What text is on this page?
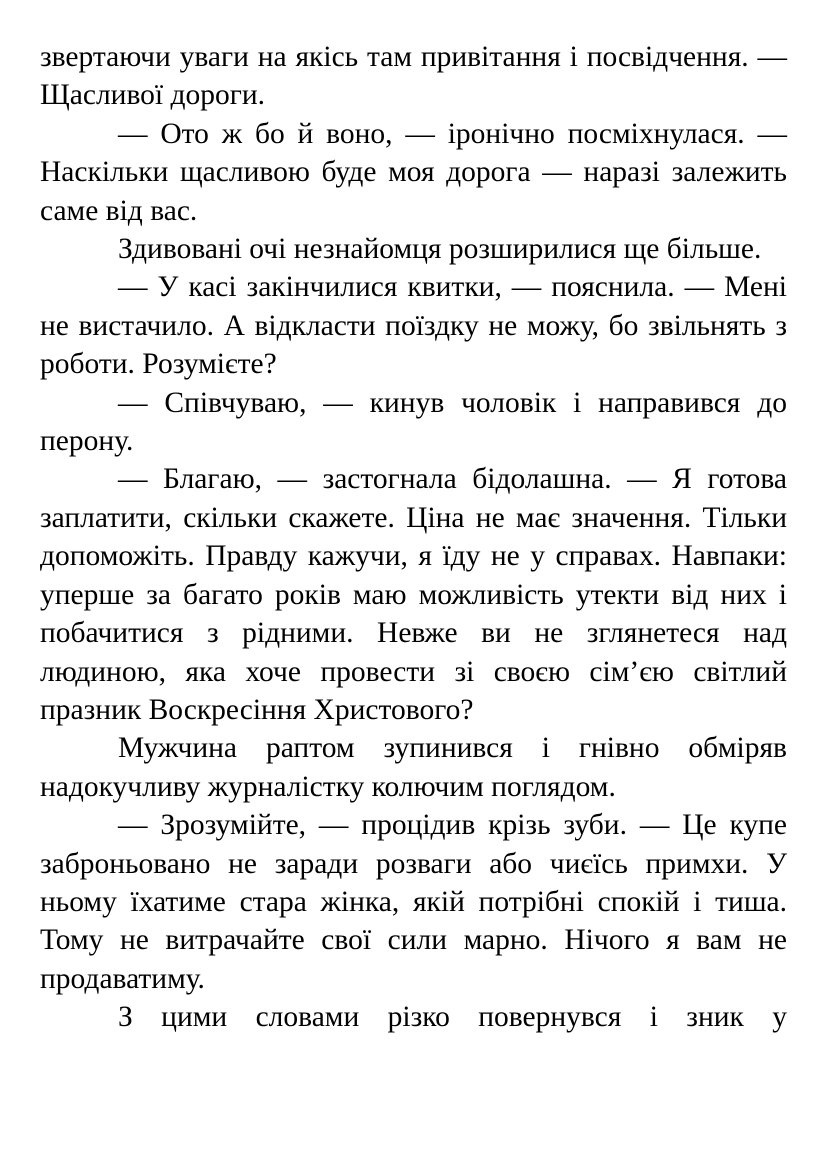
звертаючи уваги на якісь там привітання і посвідчення. — Щасливої дороги.

— Ото ж бо й воно, — іронічно посміхнулася. — Наскільки щасливою буде моя дорога — наразі залежить саме від вас.

Здивовані очі незнайомця розширилися ще більше.

— У касі закінчилися квитки, — пояснила. — Мені не вистачило. А відкласти поїздку не можу, бо звільнять з роботи. Розумієте?

— Співчуваю, — кинув чоловік і направився до перону.

— Благаю, — застогнала бідолашна. — Я готова заплатити, скільки скажете. Ціна не має значення. Тільки допоможіть. Правду кажучи, я їду не у справах. Навпаки: уперше за багато років маю можливість утекти від них і побачитися з рідними. Невже ви не зглянетеся над людиною, яка хоче провести зі своєю сім’єю світлий празник Воскресіння Христового?

Мужчина раптом зупинився і гнівно обміряв надокучливу журналістку колючим поглядом.

— Зрозумійте, — процідив крізь зуби. — Це купе заброньовано не заради розваги або чиєїсь примхи. У ньому їхатиме стара жінка, якій потрібні спокій і тиша. Тому не витрачайте свої сили марно. Нічого я вам не продаватиму.

З цими словами різко повернувся і зник у
